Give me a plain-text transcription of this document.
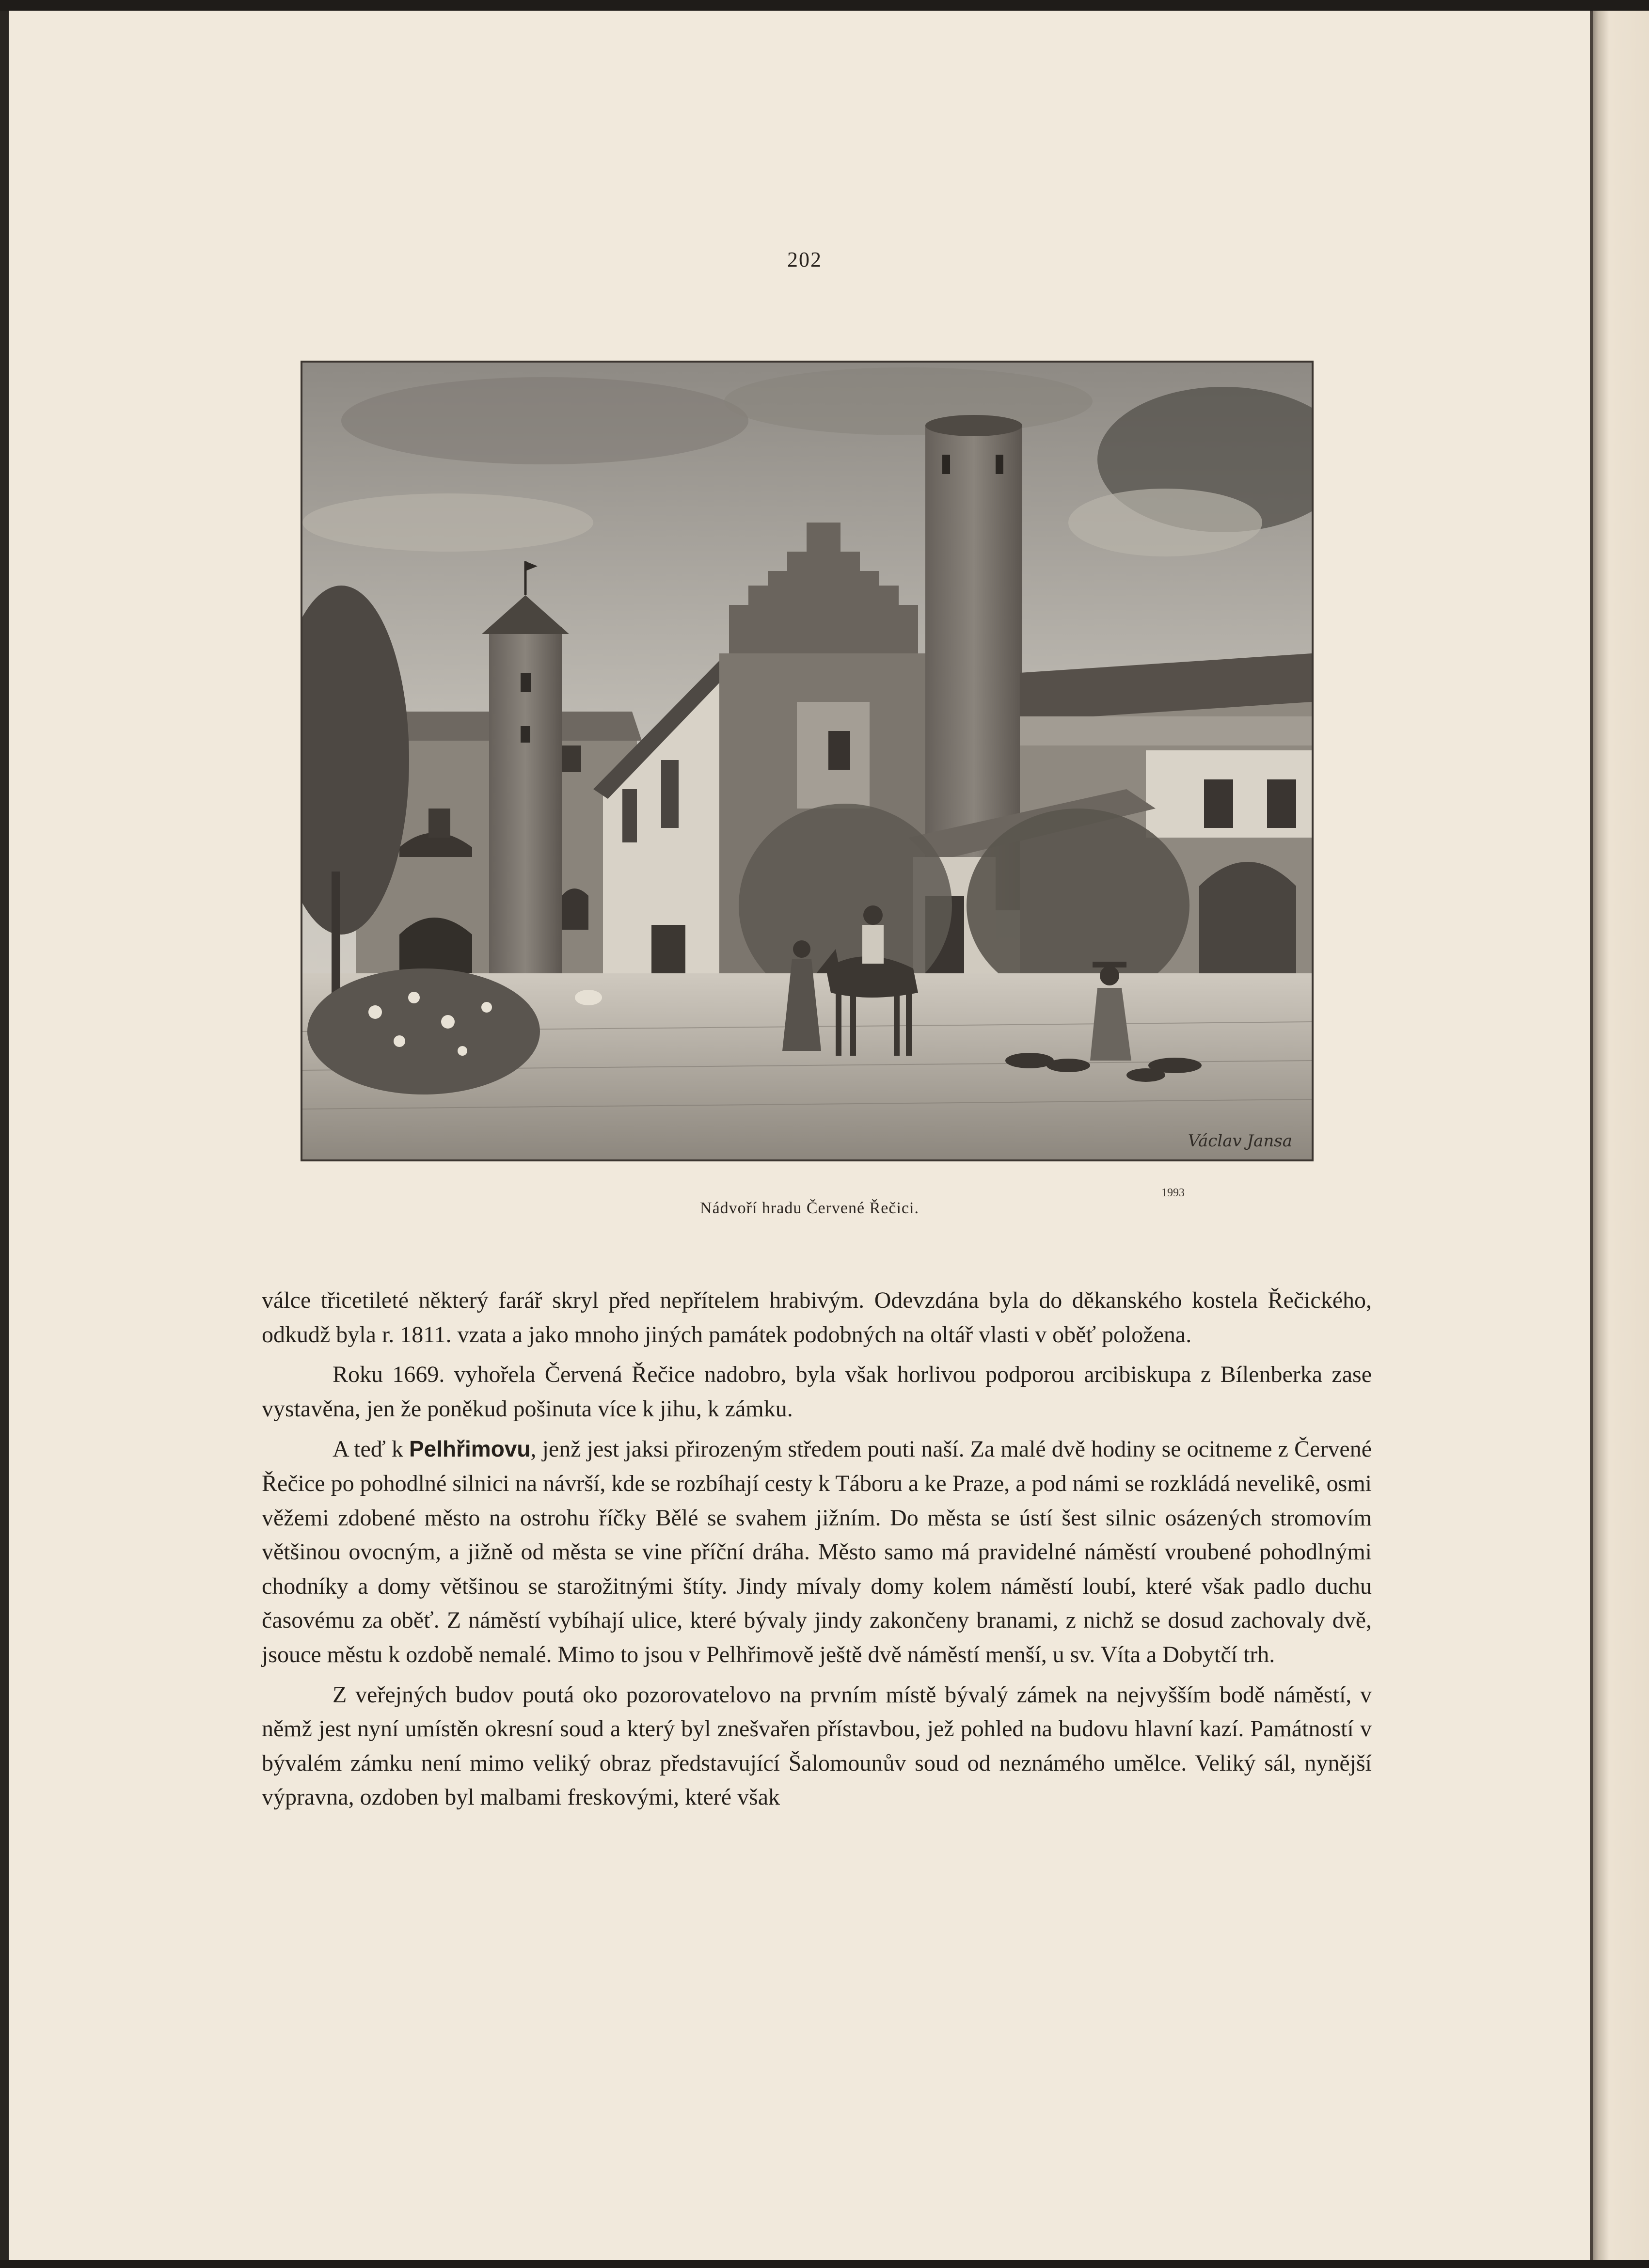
202
Václav Jansa
Nádvoří hradu Červené Řečici.
1993

válce třicetileté některý farář skryl před nepřítelem hrabivým. Odevzdána byla do děkanského kostela Řečického, odkudž byla r. 1811. vzata a jako mnoho jiných památek podobných na oltář vlasti v oběť položena.

Roku 1669. vyhořela Červená Řečice nadobro, byla však horlivou podporou arcibiskupa z Bílenberka zase vystavěna, jen že poněkud pošinuta více k jihu, k zámku.

A teď k Pelhřimovu, jenž jest jaksi přirozeným středem pouti naší. Za malé dvě hodiny se ocitneme z Červené Řečice po pohodlné silnici na návrší, kde se rozbíhají cesty k Táboru a ke Praze, a pod námi se rozkládá nevelikê, osmi věžemi zdobené město na ostrohu říčky Bělé se svahem jižním. Do města se ústí šest silnic osázených stromovím většinou ovocným, a jižně od města se vine příční dráha. Město samo má pravidelné náměstí vroubené pohodlnými chodníky a domy většinou se starožitnými štíty. Jindy mívaly domy kolem náměstí loubí, které však padlo duchu časovému za oběť. Z náměstí vybíhají ulice, které bývaly jindy zakončeny branami, z nichž se dosud zachovaly dvě, jsouce městu k ozdobě nemalé. Mimo to jsou v Pelhřimově ještě dvě náměstí menší, u sv. Víta a Dobytčí trh.

Z veřejných budov poutá oko pozorovatelovo na prvním místě bývalý zámek na nejvyšším bodě náměstí, v němž jest nyní umístěn okresní soud a který byl znešvařen přístavbou, jež pohled na budovu hlavní kazí. Památností v bývalém zámku není mimo veliký obraz představující Šalomounův soud od neznámého umělce. Veliký sál, nynější výpravna, ozdoben byl malbami freskovými, které však
